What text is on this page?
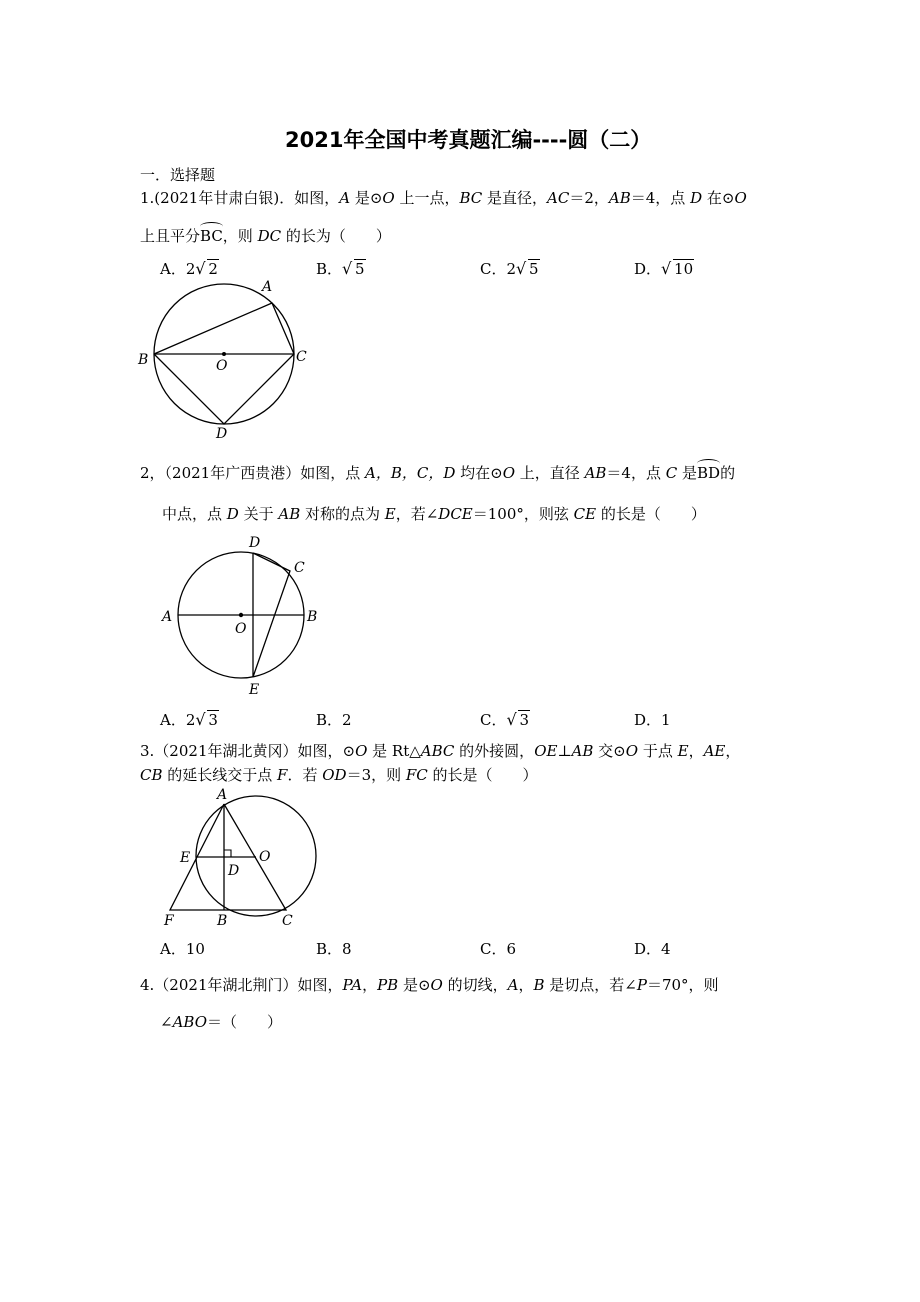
2021年全国中考真题汇编----圆（二）
一．选择题
1.(2021年甘肃白银)．如图，A 是⊙O 上一点，BC 是直径，AC＝2，AB＝4，点 D 在⊙O
上且平分BC，则 DC 的长为（　　）
A．2 √ 2	B． √ 5	C．2 √ 5	D． √ 10
A
B	C
O
D
2，（2021年广西贵港）如图，点 A，B，C，D 均在⊙O 上，直径 AB＝4，点 C 是BD的
中点，点 D 关于 AB 对称的点为 E，若∠DCE＝100°，则弦 CE 的长是（　　）
D
C
A	B
O
E
A．2 √ 3	B．2	C． √ 3	D．1
3.（2021年湖北黄冈）如图，⊙O 是 Rt△ABC 的外接圆，OE⊥AB 交⊙O 于点 E，AE，
CB 的延长线交于点 F．若 OD＝3，则 FC 的长是（　　）
A
E	O
D
F	B	C
A．10	B．8	C．6	D．4
4.（2021年湖北荆门）如图，PA，PB 是⊙O 的切线，A，B 是切点，若∠P＝70°，则
∠ABO＝（　　）
